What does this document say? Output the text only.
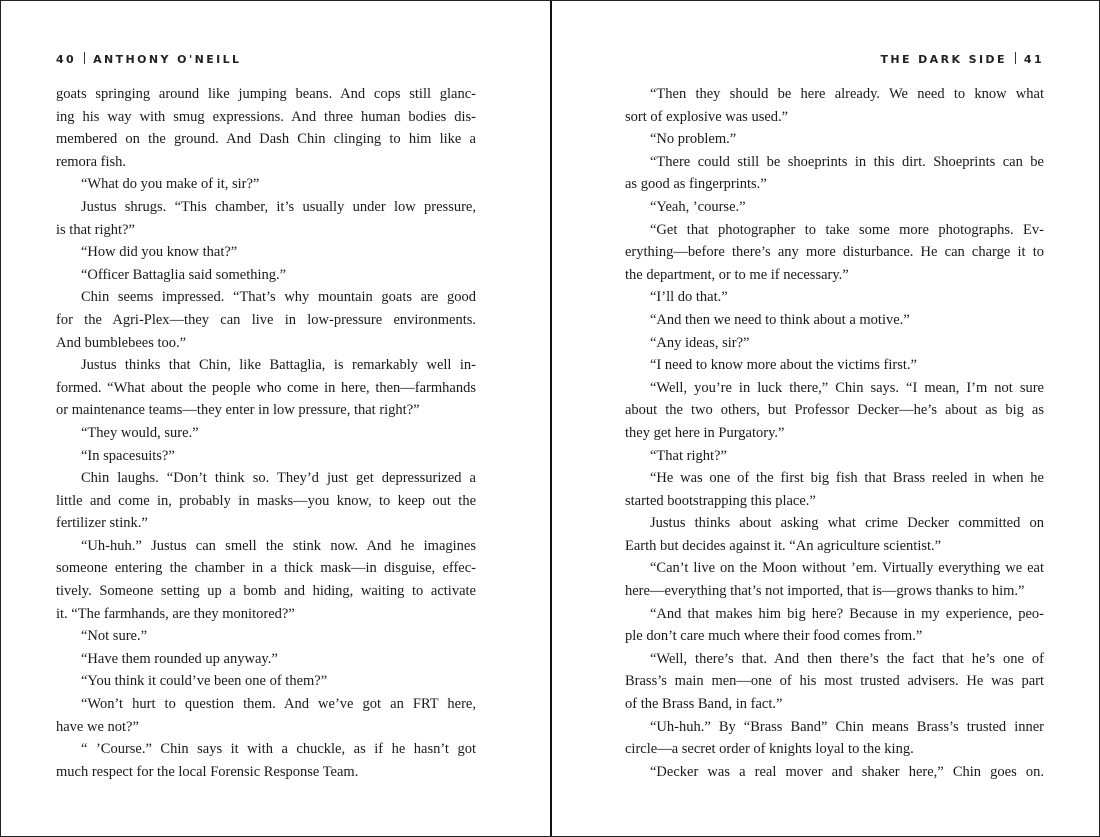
40 ANTHONY O'NEILL
goats springing around like jumping beans. And cops still glanc-
ing his way with smug expressions. And three human bodies dis-
membered on the ground. And Dash Chin clinging to him like a
remora fish.
“What do you make of it, sir?”
Justus shrugs. “This chamber, it’s usually under low pressure,
is that right?”
“How did you know that?”
“Officer Battaglia said something.”
Chin seems impressed. “That’s why mountain goats are good
for the Agri-Plex—they can live in low-pressure environments.
And bumblebees too.”
Justus thinks that Chin, like Battaglia, is remarkably well in-
formed. “What about the people who come in here, then—farmhands
or maintenance teams—they enter in low pressure, that right?”
“They would, sure.”
“In spacesuits?”
Chin laughs. “Don’t think so. They’d just get depressurized a
little and come in, probably in masks—you know, to keep out the
fertilizer stink.”
“Uh-huh.” Justus can smell the stink now. And he imagines
someone entering the chamber in a thick mask—in disguise, effec-
tively. Someone setting up a bomb and hiding, waiting to activate
it. “The farmhands, are they monitored?”
“Not sure.”
“Have them rounded up anyway.”
“You think it could’ve been one of them?”
“Won’t hurt to question them. And we’ve got an FRT here,
have we not?”
“ ’Course.” Chin says it with a chuckle, as if he hasn’t got
much respect for the local Forensic Response Team.
THE DARK SIDE 41
“Then they should be here already. We need to know what
sort of explosive was used.”
“No problem.”
“There could still be shoeprints in this dirt. Shoeprints can be
as good as fingerprints.”
“Yeah, ’course.”
“Get that photographer to take some more photographs. Ev-
erything—before there’s any more disturbance. He can charge it to
the department, or to me if necessary.”
“I’ll do that.”
“And then we need to think about a motive.”
“Any ideas, sir?”
“I need to know more about the victims first.”
“Well, you’re in luck there,” Chin says. “I mean, I’m not sure
about the two others, but Professor Decker—he’s about as big as
they get here in Purgatory.”
“That right?”
“He was one of the first big fish that Brass reeled in when he
started bootstrapping this place.”
Justus thinks about asking what crime Decker committed on
Earth but decides against it. “An agriculture scientist.”
“Can’t live on the Moon without ’em. Virtually everything we eat
here—everything that’s not imported, that is—grows thanks to him.”
“And that makes him big here? Because in my experience, peo-
ple don’t care much where their food comes from.”
“Well, there’s that. And then there’s the fact that he’s one of
Brass’s main men—one of his most trusted advisers. He was part
of the Brass Band, in fact.”
“Uh-huh.” By “Brass Band” Chin means Brass’s trusted inner
circle—a secret order of knights loyal to the king.
“Decker was a real mover and shaker here,” Chin goes on.
